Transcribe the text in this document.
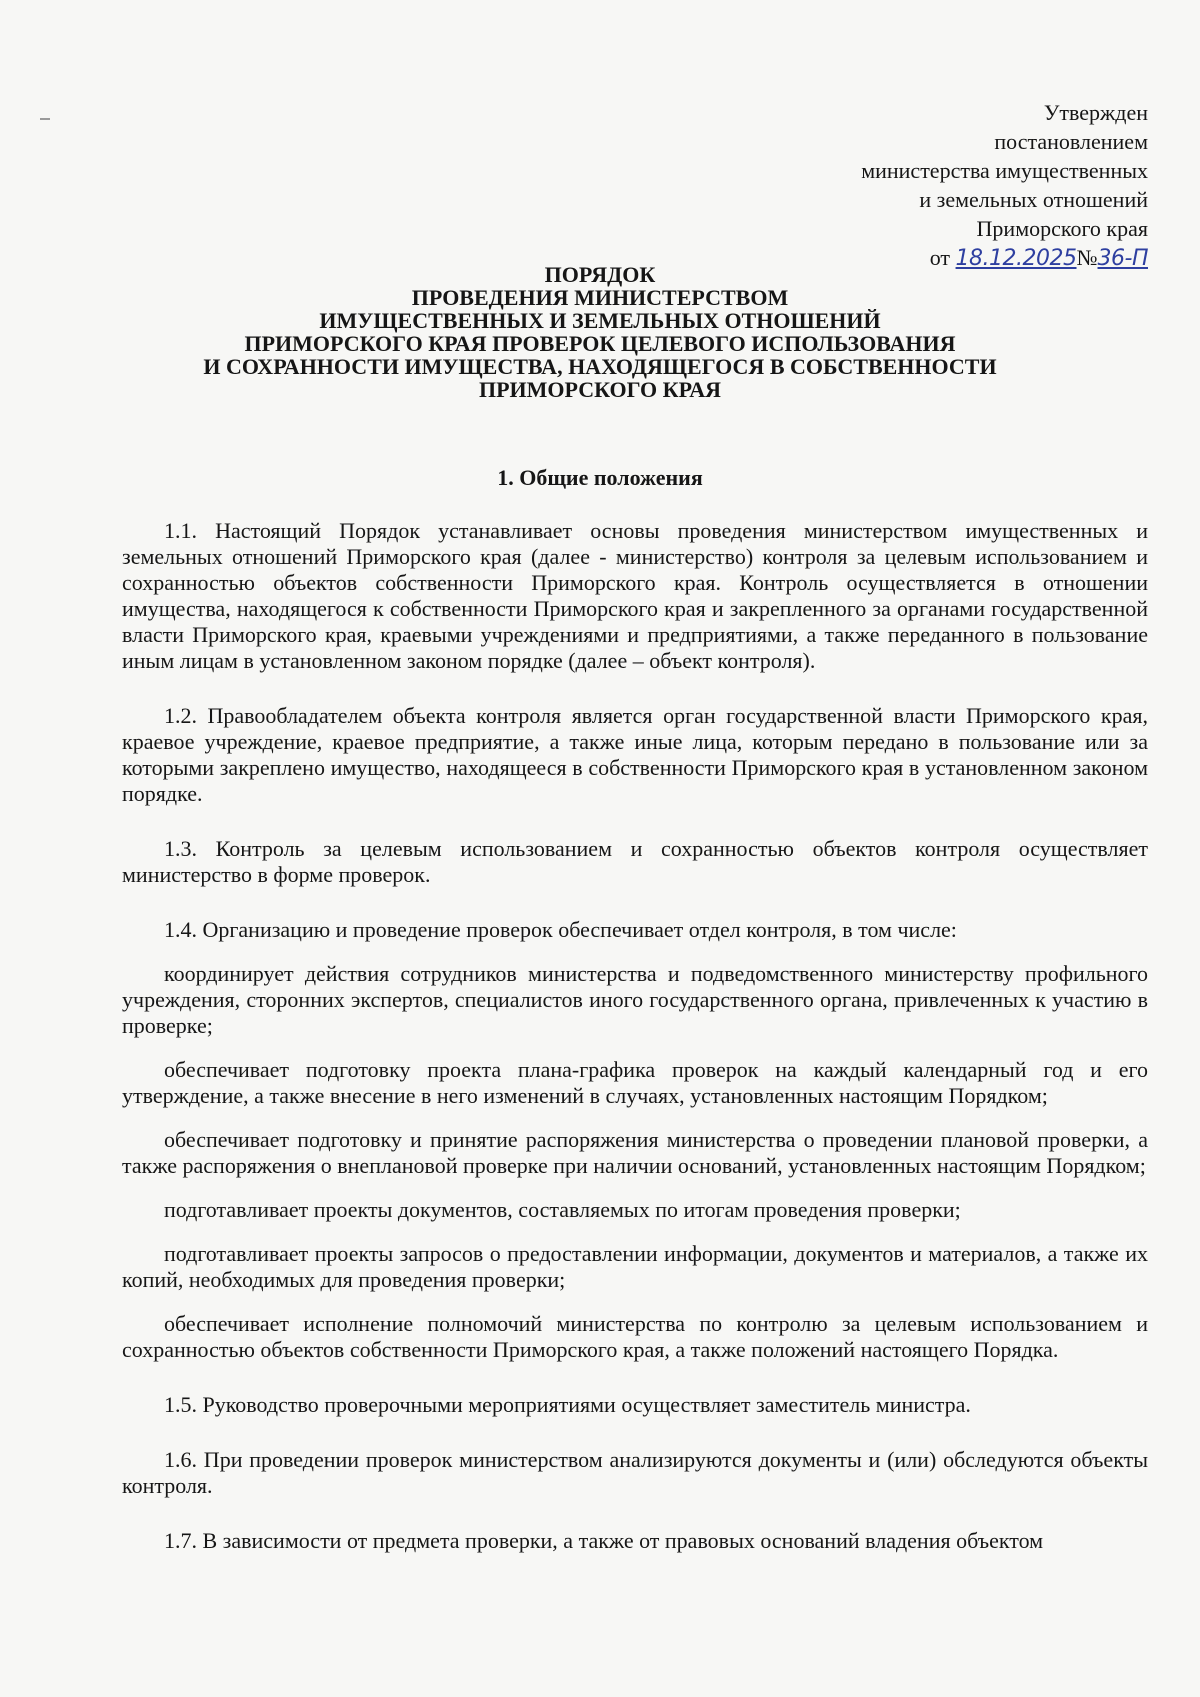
Утвержден
постановлением
министерства имущественных
и земельных отношений
Приморского края
от 18.12.2025№36-П
ПОРЯДОК
ПРОВЕДЕНИЯ МИНИСТЕРСТВОМ
ИМУЩЕСТВЕННЫХ И ЗЕМЕЛЬНЫХ ОТНОШЕНИЙ
ПРИМОРСКОГО КРАЯ ПРОВЕРОК ЦЕЛЕВОГО ИСПОЛЬЗОВАНИЯ
И СОХРАННОСТИ ИМУЩЕСТВА, НАХОДЯЩЕГОСЯ В СОБСТВЕННОСТИ
ПРИМОРСКОГО КРАЯ
1. Общие положения

1.1. Настоящий Порядок устанавливает основы проведения министерством имущественных и земельных отношений Приморского края (далее - министерство) контроля за целевым использованием и сохранностью объектов собственности Приморского края. Контроль осуществляется в отношении имущества, находящегося к собственности Приморского края и закрепленного за органами государственной власти Приморского края, краевыми учреждениями и предприятиями, а также переданного в пользование иным лицам в установленном законом порядке (далее – объект контроля).

1.2. Правообладателем объекта контроля является орган государственной власти Приморского края, краевое учреждение, краевое предприятие, а также иные лица, которым передано в пользование или за которыми закреплено имущество, находящееся в собственности Приморского края в установленном законом порядке.

1.3. Контроль за целевым использованием и сохранностью объектов контроля осуществляет министерство в форме проверок.

1.4. Организацию и проведение проверок обеспечивает отдел контроля, в том числе:

координирует действия сотрудников министерства и подведомственного министерству профильного учреждения, сторонних экспертов, специалистов иного государственного органа, привлеченных к участию в проверке;

обеспечивает подготовку проекта плана-графика проверок на каждый календарный год и его утверждение, а также внесение в него изменений в случаях, установленных настоящим Порядком;

обеспечивает подготовку и принятие распоряжения министерства о проведении плановой проверки, а также распоряжения о внеплановой проверке при наличии оснований, установленных настоящим Порядком;

подготавливает проекты документов, составляемых по итогам проведения проверки;

подготавливает проекты запросов о предоставлении информации, документов и материалов, а также их копий, необходимых для проведения проверки;

обеспечивает исполнение полномочий министерства по контролю за целевым использованием и сохранностью объектов собственности Приморского края, а также положений настоящего Порядка.

1.5. Руководство проверочными мероприятиями осуществляет заместитель министра.

1.6. При проведении проверок министерством анализируются документы и (или) обследуются объекты контроля.

1.7. В зависимости от предмета проверки, а также от правовых оснований владения объектом
